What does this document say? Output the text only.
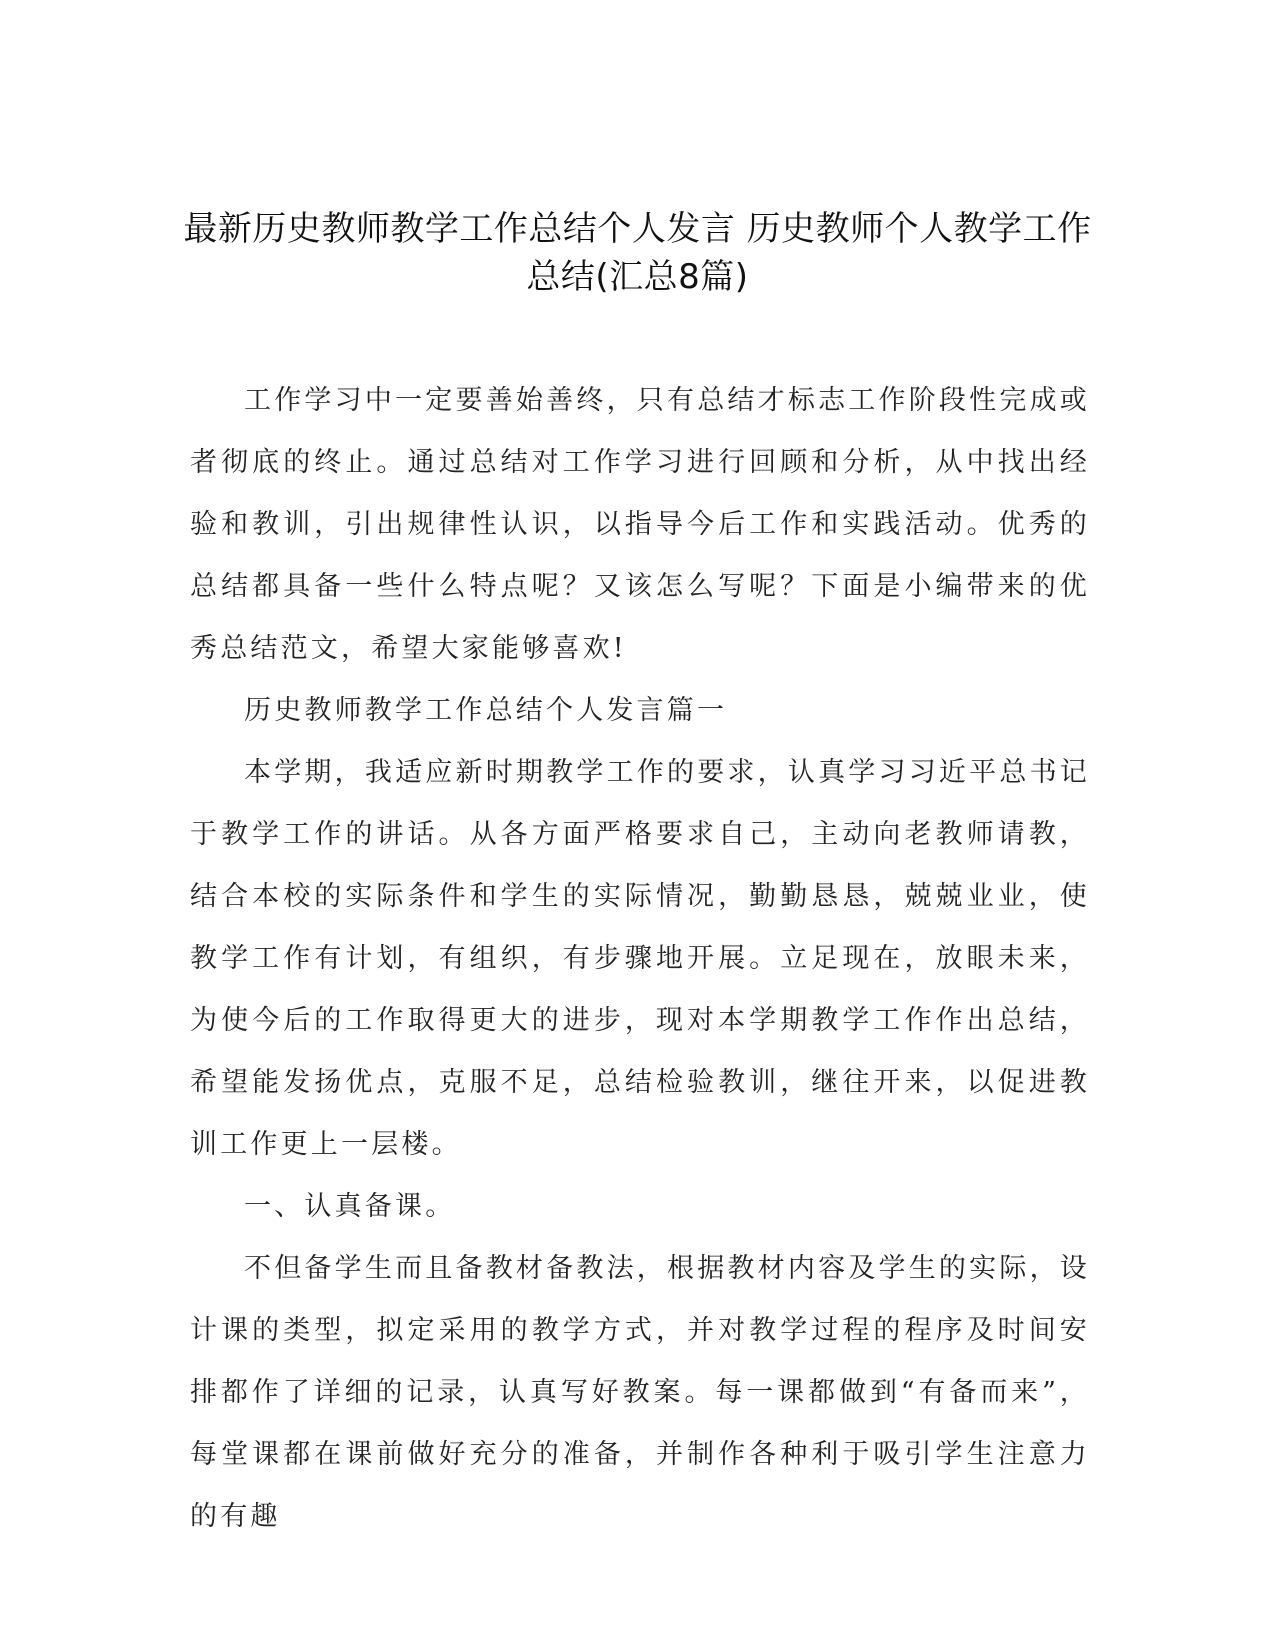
最新历史教师教学工作总结个人发言 历史教师个人教学工作
总结(汇总8篇)

工作学习中一定要善始善终，只有总结才标志工作阶段性完成或者彻底的终止。通过总结对工作学习进行回顾和分析，从中找出经验和教训，引出规律性认识，以指导今后工作和实践活动。优秀的总结都具备一些什么特点呢？又该怎么写呢？下面是小编带来的优秀总结范文，希望大家能够喜欢!

历史教师教学工作总结个人发言篇一

本学期，我适应新时期教学工作的要求，认真学习习近平总书记于教学工作的讲话。从各方面严格要求自己，主动向老教师请教，结合本校的实际条件和学生的实际情况，勤勤恳恳，兢兢业业，使教学工作有计划，有组织，有步骤地开展。立足现在，放眼未来，为使今后的工作取得更大的进步，现对本学期教学工作作出总结，希望能发扬优点，克服不足，总结检验教训，继往开来，以促进教训工作更上一层楼。

一、认真备课。

不但备学生而且备教材备教法，根据教材内容及学生的实际，设计课的类型，拟定采用的教学方式，并对教学过程的程序及时间安排都作了详细的记录，认真写好教案。每一课都做到“有备而来”，每堂课都在课前做好充分的准备，并制作各种利于吸引学生注意力的有趣
